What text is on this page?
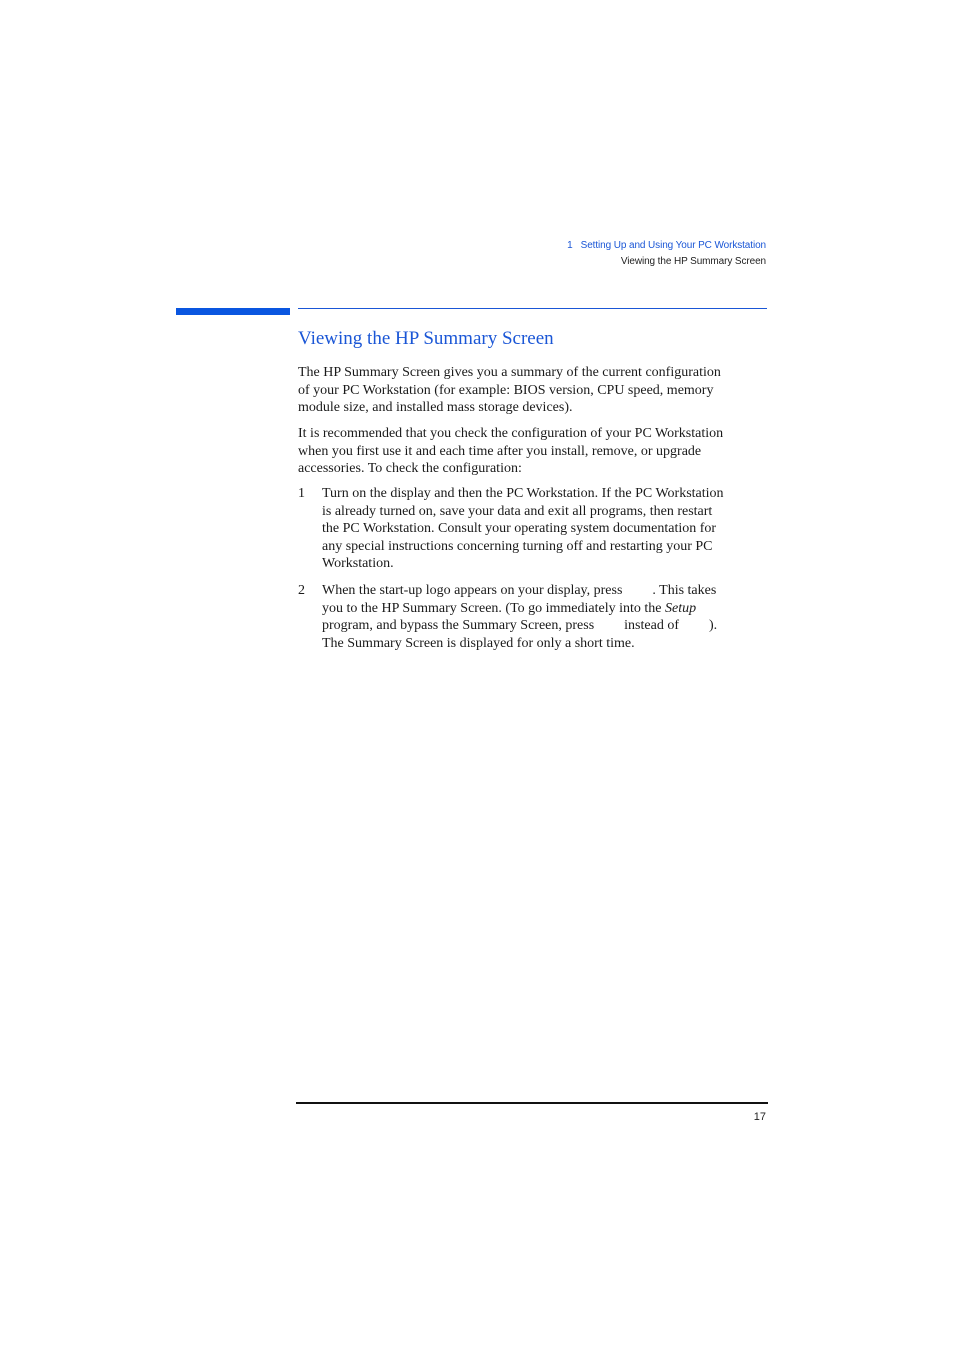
1 Setting Up and Using Your PC Workstation
Viewing the HP Summary Screen
Viewing the HP Summary Screen
The HP Summary Screen gives you a summary of the current configuration
of your PC Workstation (for example: BIOS version, CPU speed, memory
module size, and installed mass storage devices).
It is recommended that you check the configuration of your PC Workstation
when you first use it and each time after you install, remove, or upgrade
accessories. To check the configuration:
1 Turn on the display and then the PC Workstation. If the PC Workstation
is already turned on, save your data and exit all programs, then restart
the PC Workstation. Consult your operating system documentation for
any special instructions concerning turning off and restarting your PC
Workstation.
2 When the start-up logo appears on your display, press . This takes
you to the HP Summary Screen. (To go immediately into the Setup
program, and bypass the Summary Screen, press instead of ).
The Summary Screen is displayed for only a short time.
17
